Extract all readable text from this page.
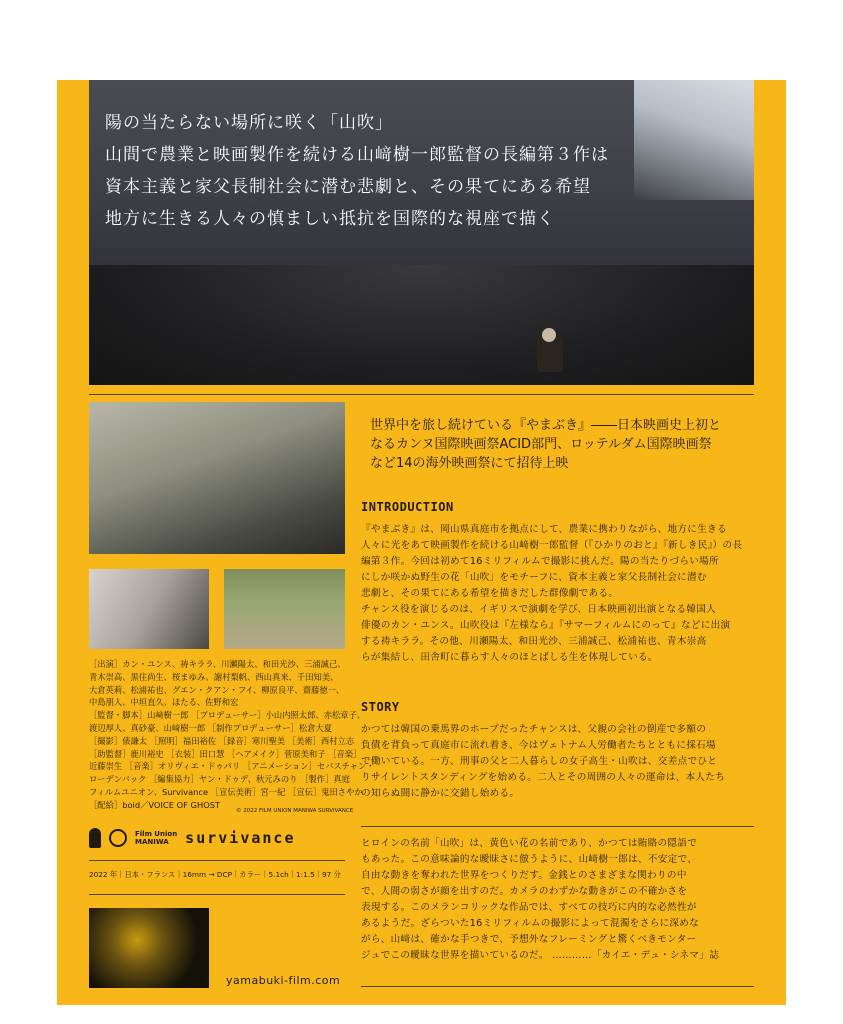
陽の当たらない場所に咲く「山吹」
山間で農業と映画製作を続ける山﨑樹一郎監督の長編第３作は
資本主義と家父長制社会に潜む悲劇と、その果てにある希望
地方に生きる人々の慎ましい抵抗を国際的な視座で描く
［出演］カン・ユンス、祷キララ、川瀬陽太、和田光沙、三浦誠己、
青木崇高、黒住尚生、桜まゆみ、謝村梨帆、西山真来、千田知美、
大倉英莉、松浦祐也、グエン・クアン・フイ、柳原良平、齋藤徳一、
中島朋人、中垣直久、ほたる、佐野和宏
［監督・脚本］山﨑樹一郎 ［プロデューサー］小山内照太郎、赤松章子、
渡辺厚人、真砂豪、山﨑樹一郎 ［制作プロデューサー］松倉大夏
［撮影］俵謙太 ［照明］福田裕佐 ［録音］寒川聖美 ［美術］西村立志
［助監督］鹿川裕史 ［衣装］田口慧 ［ヘアメイク］菅原美和子 ［音楽］
近藤崇生 ［音楽］オリヴィエ・ドゥパリ ［アニメーション］セバスチャン・
ローデンバック ［編集協力］ヤン・ドゥデ、秋元みのり ［製作］真庭
フィルムユニオン、Survivance ［宣伝美術］宮一紀 ［宣伝］鬼田さやか
［配給］boid／VOICE OF GHOST
© 2022 FILM UNION MANIWA SURVIVANCE
Film Union
MANIWA	survivance
2022 年｜日本・フランス｜16mm → DCP｜カラー｜5.1ch｜1:1.5｜97 分
yamabuki-film.com
世界中を旅し続けている『やまぶき』――日本映画史上初と
なるカンヌ国際映画祭ACID部門、ロッテルダム国際映画祭
など14の海外映画祭にて招待上映
INTRODUCTION
『やまぶき』は、岡山県真庭市を拠点にして、農業に携わりながら、地方に生きる
人々に光をあて映画製作を続ける山﨑樹一郎監督（『ひかりのおと』『新しき民』）の長
編第３作。今回は初めて16ミリフィルムで撮影に挑んだ。陽の当たりづらい場所
にしか咲かぬ野生の花「山吹」をモチーフに、資本主義と家父長制社会に潜む
悲劇と、その果てにある希望を描きだした群像劇である。
チャンス役を演じるのは、イギリスで演劇を学び、日本映画初出演となる韓国人
俳優のカン・ユンス。山吹役は『左様なら』『サマーフィルムにのって』などに出演
する祷キララ。その他、川瀬陽太、和田光沙、三浦誠己、松浦祐也、青木崇高
らが集結し、田舎町に暮らす人々のほとばしる生を体現している。
STORY
かつては韓国の乗馬界のホープだったチャンスは、父親の会社の倒産で多額の
負債を背負って真庭市に流れ着き、今はヴェトナム人労働者たちとともに採石場
で働いている。一方、刑事の父と二人暮らしの女子高生・山吹は、交差点でひと
りサイレントスタンディングを始める。二人とその周囲の人々の運命は、本人たち
の知らぬ間に静かに交錯し始める。
ヒロインの名前「山吹」は、黄色い花の名前であり、かつては賄賂の隠語で
もあった。この意味論的な曖昧さに倣うように、山﨑樹一郎は、不安定で、
自由な動きを奪われた世界をつくりだす。金銭とのさまざまな関わりの中
で、人間の弱さが顔を出すのだ。カメラのわずかな動きがこの不確かさを
表現する。このメランコリックな作品では、すべての技巧に内的な必然性が
あるようだ。ざらついた16ミリフィルムの撮影によって混濁をさらに深めな
がら、山﨑は、確かな手つきで、予想外なフレーミングと驚くべきモンター
ジュでこの曖昧な世界を描いているのだ。 …………「カイエ・デュ・シネマ」誌
